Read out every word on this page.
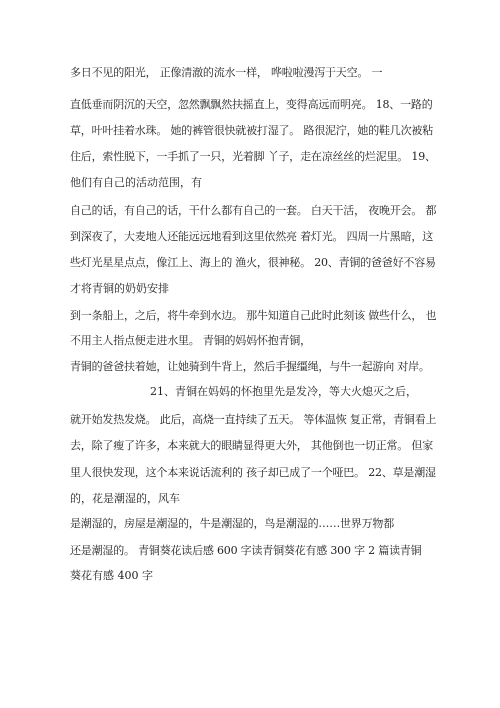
多日不见的阳光， 正像清澈的流水一样， 哗啦啦漫泻于天空。 一
直低垂而阴沉的天空，忽然飘飘然扶摇直上，变得高远而明亮。 18、一路的
草，叶叶挂着水珠。 她的裤管很快就被打湿了。 路很泥泞，她的鞋几次被粘
住后，索性脱下，一手抓了一只，光着脚 丫子，走在凉丝丝的烂泥里。 19、
他们有自己的活动范围，有
自己的话，有自己的话，干什么都有自己的一套。 白天干活， 夜晚开会。 都
到深夜了，大麦地人还能远远地看到这里依然亮 着灯光。 四周一片黑暗，这
些灯光星星点点，像江上、海上的 渔火，很神秘。 20、青铜的爸爸好不容易
才将青铜的奶奶安排
到一条船上，之后，将牛牵到水边。 那牛知道自己此时此刻该 做些什么， 也
不用主人指点便走进水里。 青铜的妈妈怀抱青铜，
青铜的爸爸扶着她，让她骑到牛背上，然后手握缰绳，与牛一起游向 对岸。
21、青铜在妈妈的怀抱里先是发冷，等大火熄灭之后，
就开始发热发烧。 此后，高烧一直持续了五天。 等体温恢 复正常，青铜看上
去，除了瘦了许多，本来就大的眼睛显得更大外， 其他倒也一切正常。 但家
里人很快发现，这个本来说话流利的 孩子却已成了一个哑巴。 22、草是潮湿
的，花是潮湿的，风车
是潮湿的，房屋是潮湿的，牛是潮湿的，鸟是潮湿的……世界万物都
还是潮湿的。 青铜葵花读后感 600 字读青铜葵花有感 300 字 2 篇读青铜
葵花有感 400 字
